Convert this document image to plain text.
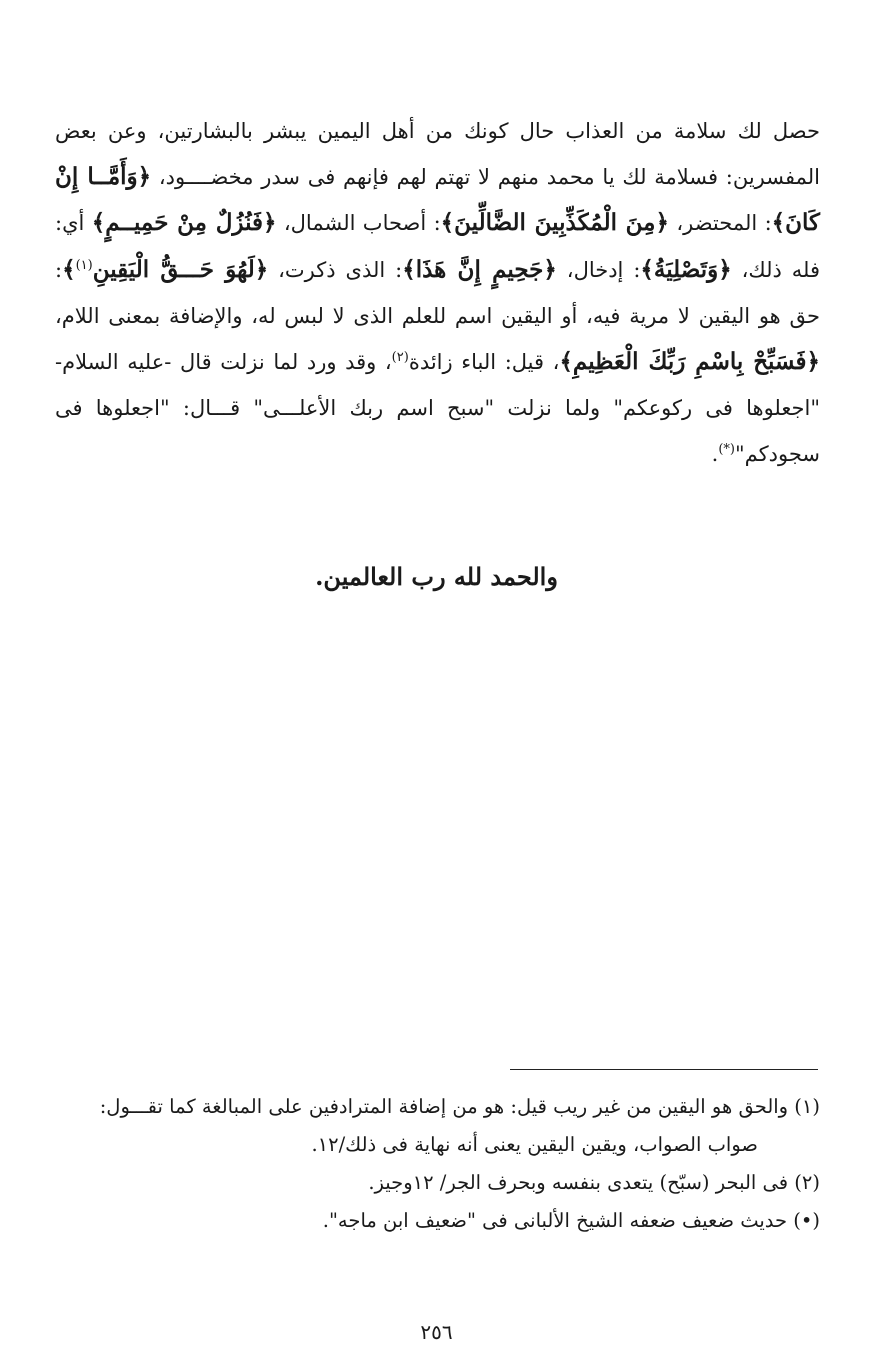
حصل لك سلامة من العذاب حال كونك من أهل اليمين يبشر بالبشارتين، وعن بعض المفسرين: فسلامة لك يا محمد منهم لا تهتم لهم فإنهم فى سدر مخضــــود، ﴿وَأَمَّــا إِنْ كَانَ﴾: المحتضر، ﴿مِنَ الْمُكَذِّبِينَ الضَّالِّينَ﴾: أصحاب الشمال، ﴿فَنُزُلٌ مِنْ حَمِيــمٍ﴾ أي: فله ذلك، ﴿وَتَصْلِيَةُ﴾: إدخال، ﴿جَحِيمٍ إِنَّ هَذَا﴾: الذى ذكرت، ﴿لَهُوَ حَـــقُّ الْيَقِينِ$^{(١)}$﴾: حق هو اليقين لا مرية فيه، أو اليقين اسم للعلم الذى لا لبس له، والإضافة بمعنى اللام، ﴿فَسَبِّحْ بِاسْمِ رَبِّكَ الْعَظِيمِ﴾، قيل: الباء زائدة$^{(٢)}$، وقد ورد لما نزلت قال -عليه السلام- "اجعلوها فى ركوعكم" ولما نزلت "سبح اسم ربك الأعلـــى" قـــال: "اجعلوها فى سجودكم"(*).

والحمد لله رب العالمين.

(١) والحق هو اليقين من غير ريب قيل: هو من إضافة المترادفين على المبالغة كما تقـــول:
صواب الصواب، ويقين اليقين يعنى أنه نهاية فى ذلك/١٢.
(٢) فى البحر (سبّح) يتعدى بنفسه وبحرف الجر/ ١٢وجيز.
(•) حديث ضعيف ضعفه الشيخ الألبانى فى "ضعيف ابن ماجه".
٢٥٦
